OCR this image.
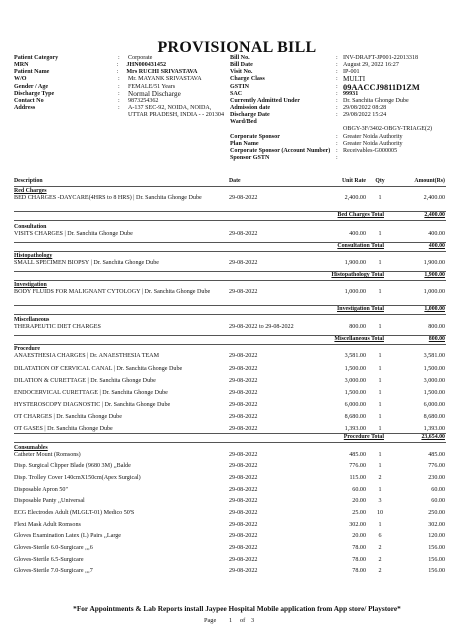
PROVISIONAL BILL
Patient Category	:	Corporate
MRN	:	JHN000431452
Patient Name	:	Mrs RUCHI SRIVASTAVA
W/O	:	Mr. MAYANK SRIVASTAVA
Gender / Age	:	FEMALE/51 Years
Discharge Type	:	Normal Discharge
Contact No	:	9873254362
Address	:	A-137 SEC-92, NOIDA, NOIDA,
UTTAR PRADESH, INDIA - - 201304
Bill No.	: INV-DRAFT-JP001-22013318
Bill Date	: August 29, 2022 16:27
Visit No.	: IP-001
Charge Class	: MULTI
GSTIN	: 09AACCJ9811D1ZM
SAC	: 99931
Currently Admitted Under	: Dr. Sanchita Ghonge Dube
Admission date	: 29/08/2022 08:28
Discharge Date	: 29/08/2022 15:24
Ward/Bed
OBGY-3F/3402-OBGY-TRIAGE(2)
Corporate Sponsor	: Greater Noida Authority
Plan Name	: Greater Noida Authority
Corporate Sponsor (Account Number) : Receivables-G000005
Sponsor GSTN	:
Description	Date	Unit Rate	Qty	Amount(Rs)
Red Charges
BED CHARGES -DAYCARE(4HRS to 8 HRS) | Dr. Sanchita Ghonge Dube	29-08-2022	2,400.00	1	2,400.00
Bed Charges Total	2,400.00
Consultation
VISITS CHARGES | Dr. Sanchita Ghonge Dube	29-08-2022	400.00	1	400.00
Consultation Total	400.00
Histopathology
SMALL SPECIMEN BIOPSY | Dr. Sanchita Ghonge Dube	29-08-2022	1,900.00	1	1,900.00
Histopathology Total	1,900.00
Investigation
BODY FLUIDS FOR MALIGNANT CYTOLOGY | Dr. Sanchita Ghonge Dube	29-08-2022	1,000.00	1	1,000.00
Investigation Total	1,000.00
Miscellaneous
THERAPEUTIC DIET CHARGES	29-08-2022 to 29-08-2022	800.00	1	800.00
Miscellaneous Total	800.00
Procedure
ANAESTHESIA CHARGES | Dr. ANAESTHESIA TEAM	29-08-2022	3,581.00	1	3,581.00
DILATATION OF CERVICAL CANAL | Dr. Sanchita Ghonge Dube	29-08-2022	1,500.00	1	1,500.00
DILATION & CURETTAGE | Dr. Sanchita Ghonge Dube	29-08-2022	3,000.00	1	3,000.00
ENDOCERVICAL CURETTAGE | Dr. Sanchita Ghonge Dube	29-08-2022	1,500.00	1	1,500.00
HYSTEROSCOPY DIAGNOSTIC | Dr. Sanchita Ghonge Dube	29-08-2022	6,000.00	1	6,000.00
OT CHARGES | Dr. Sanchita Ghonge Dube	29-08-2022	8,680.00	1	8,680.00
OT GASES | Dr. Sanchita Ghonge Dube	29-08-2022	1,393.00	1	1,393.00
Procedure Total	23,654.00
Consumables
Catheter Mount (Romsons)	29-08-2022	485.00	1	485.00
Disp. Surgical Clipper Blade (9680 3M) ,,Balde	29-08-2022	776.00	1	776.00
Disp. Trolley Cover 140cmX150cm(Apex Surgical)	29-08-2022	115.00	2	230.00
Disposable Apron 50"	29-08-2022	60.00	1	60.00
Disposable Panty ,,Universal	29-08-2022	20.00	3	60.00
ECG Electrodes Adult (MLGLT-01) Medico 50'S	29-08-2022	25.00	10	250.00
Flexi Mask Adult Romsons	29-08-2022	302.00	1	302.00
Gloves Examination Latex (L) Pairs ,,Large	29-08-2022	20.00	6	120.00
Gloves-Sterile 6.0-Surgicare ,,,6	29-08-2022	78.00	2	156.00
Gloves-Sterile 6.5-Surgicare	29-08-2022	78.00	2	156.00
Gloves-Sterile 7.0-Surgicare ,,,7	29-08-2022	78.00	2	156.00
*For Appointments & Lab Reports install Jaypee Hospital Mobile application from App store/ Playstore*
Page 1 of 3
